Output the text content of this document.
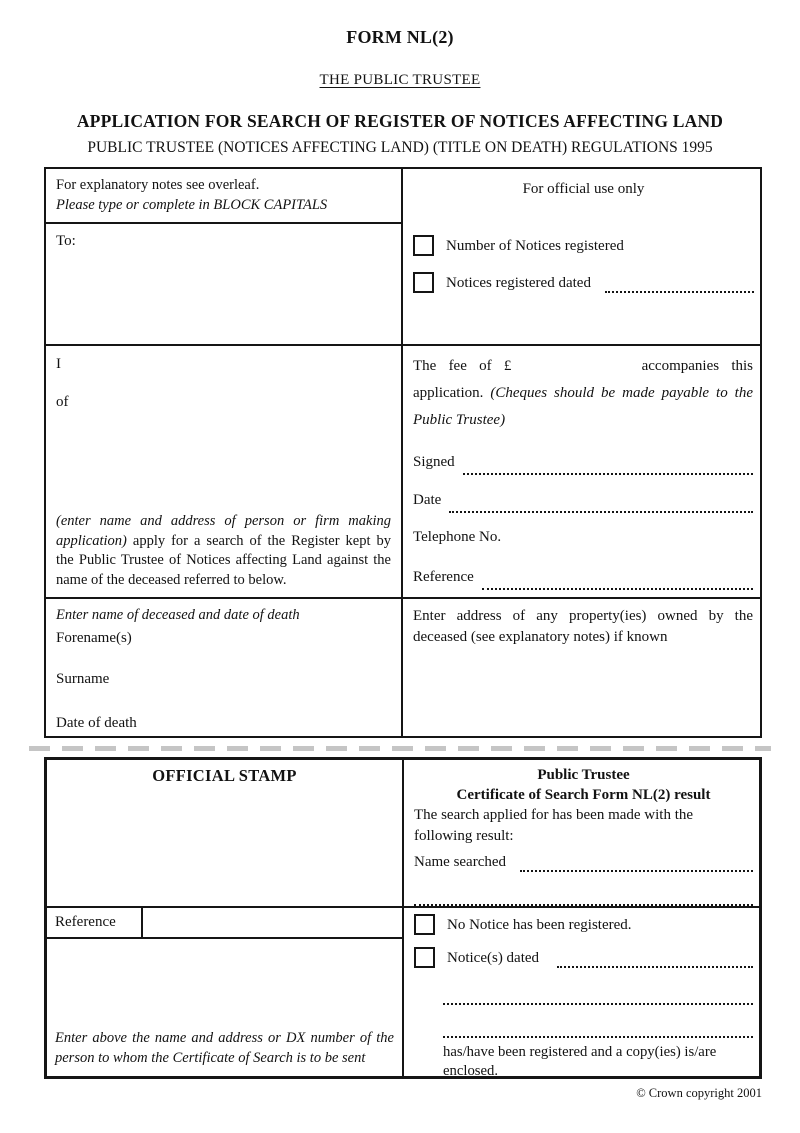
FORM NL(2)
THE PUBLIC TRUSTEE
APPLICATION FOR SEARCH OF REGISTER OF NOTICES AFFECTING LAND
PUBLIC TRUSTEE (NOTICES AFFECTING LAND) (TITLE ON DEATH) REGULATIONS 1995
For explanatory notes see overleaf.
Please type or complete in BLOCK CAPITALS
To:
For official use only
Number of Notices registered
Notices registered dated
I
of
(enter name and address of person or firm making application) apply for a search of the Register kept by the Public Trustee of Notices affecting Land against the name of the deceased referred to below.
The fee of £	accompanies this application. (Cheques should be made payable to the Public Trustee)
Signed
Date
Telephone No.
Reference
Enter name of deceased and date of death
Forename(s)
Surname
Date of death
Enter address of any property(ies) owned by the deceased (see explanatory notes) if known
OFFICIAL STAMP	Public Trustee
Certificate of Search Form NL(2) result
The search applied for has been made with the following result:
Name searched
Reference
Enter above the name and address or DX number of the person to whom the Certificate of Search is to be sent
No Notice has been registered.
Notice(s) dated
has/have been registered and a copy(ies) is/are enclosed.
© Crown copyright 2001
